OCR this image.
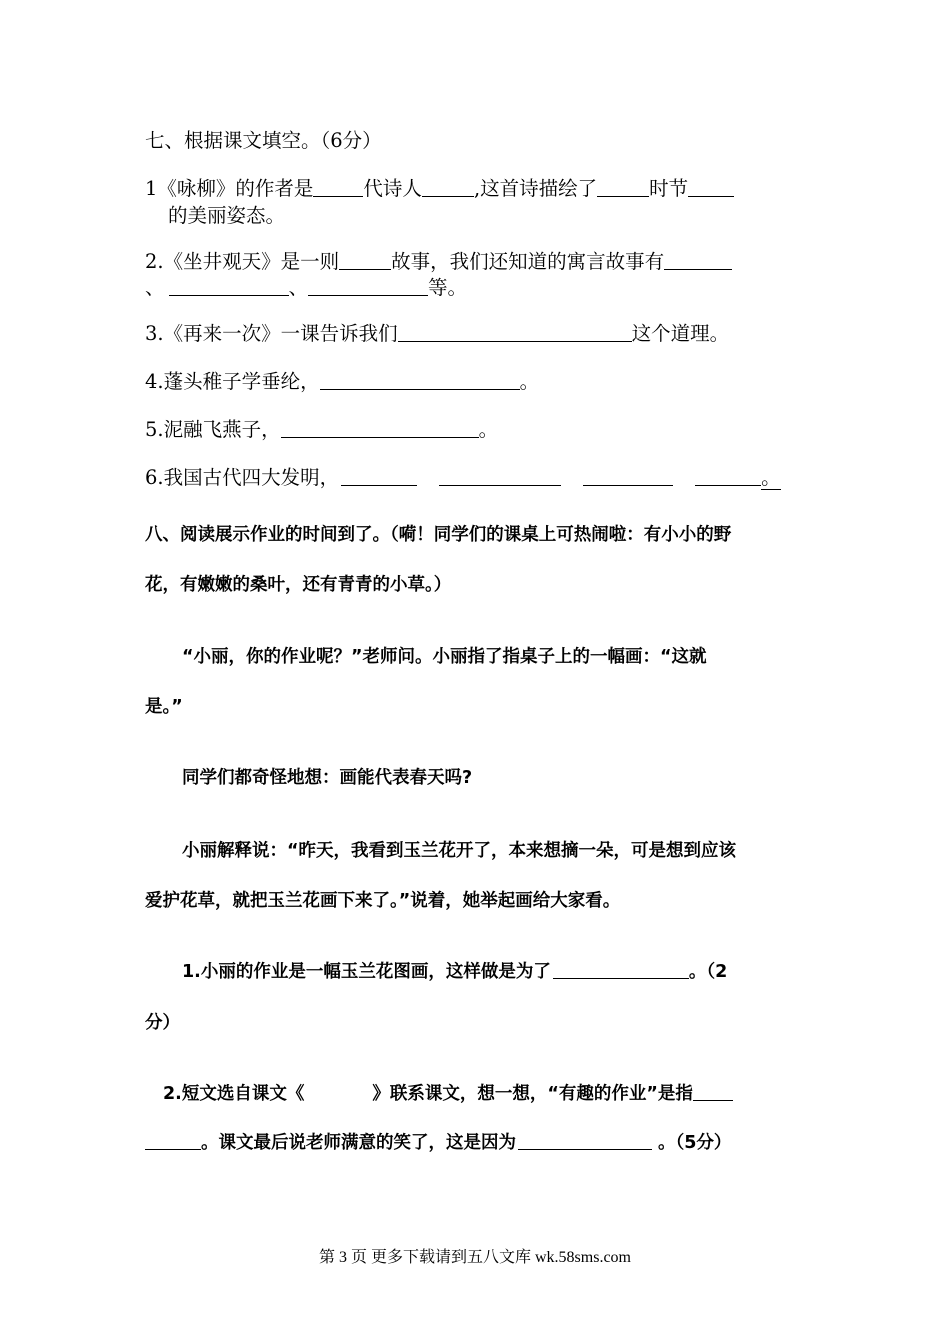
七、根据课文填空。（6分）
1《咏柳》的作者是	代诗人	,这首诗描绘了	时节
的美丽姿态。
2.《坐井观天》是一则	故事，我们还知道的寓言故事有
、	、	等。
3.《再来一次》一课告诉我们	这个道理。
4.蓬头稚子学垂纶，	。
5.泥融飞燕子，	。
6.我国古代四大发明，	。
八、阅读展示作业的时间到了。（嗬！同学们的课桌上可热闹啦：有小小的野
花，有嫩嫩的桑叶，还有青青的小草。）
“小丽，你的作业呢？”老师问。小丽指了指桌子上的一幅画：“这就
是。”
同学们都奇怪地想：画能代表春天吗?
小丽解释说：“昨天，我看到玉兰花开了，本来想摘一朵，可是想到应该
爱护花草，就把玉兰花画下来了。”说着，她举起画给大家看。
1.小丽的作业是一幅玉兰花图画，这样做是为了	。（2
分）
2.短文选自课文《	》联系课文，想一想，“有趣的作业”是指
。课文最后说老师满意的笑了，这是因为	。（5分）
第 3 页 更多下载请到五八文库 wk.58sms.com
